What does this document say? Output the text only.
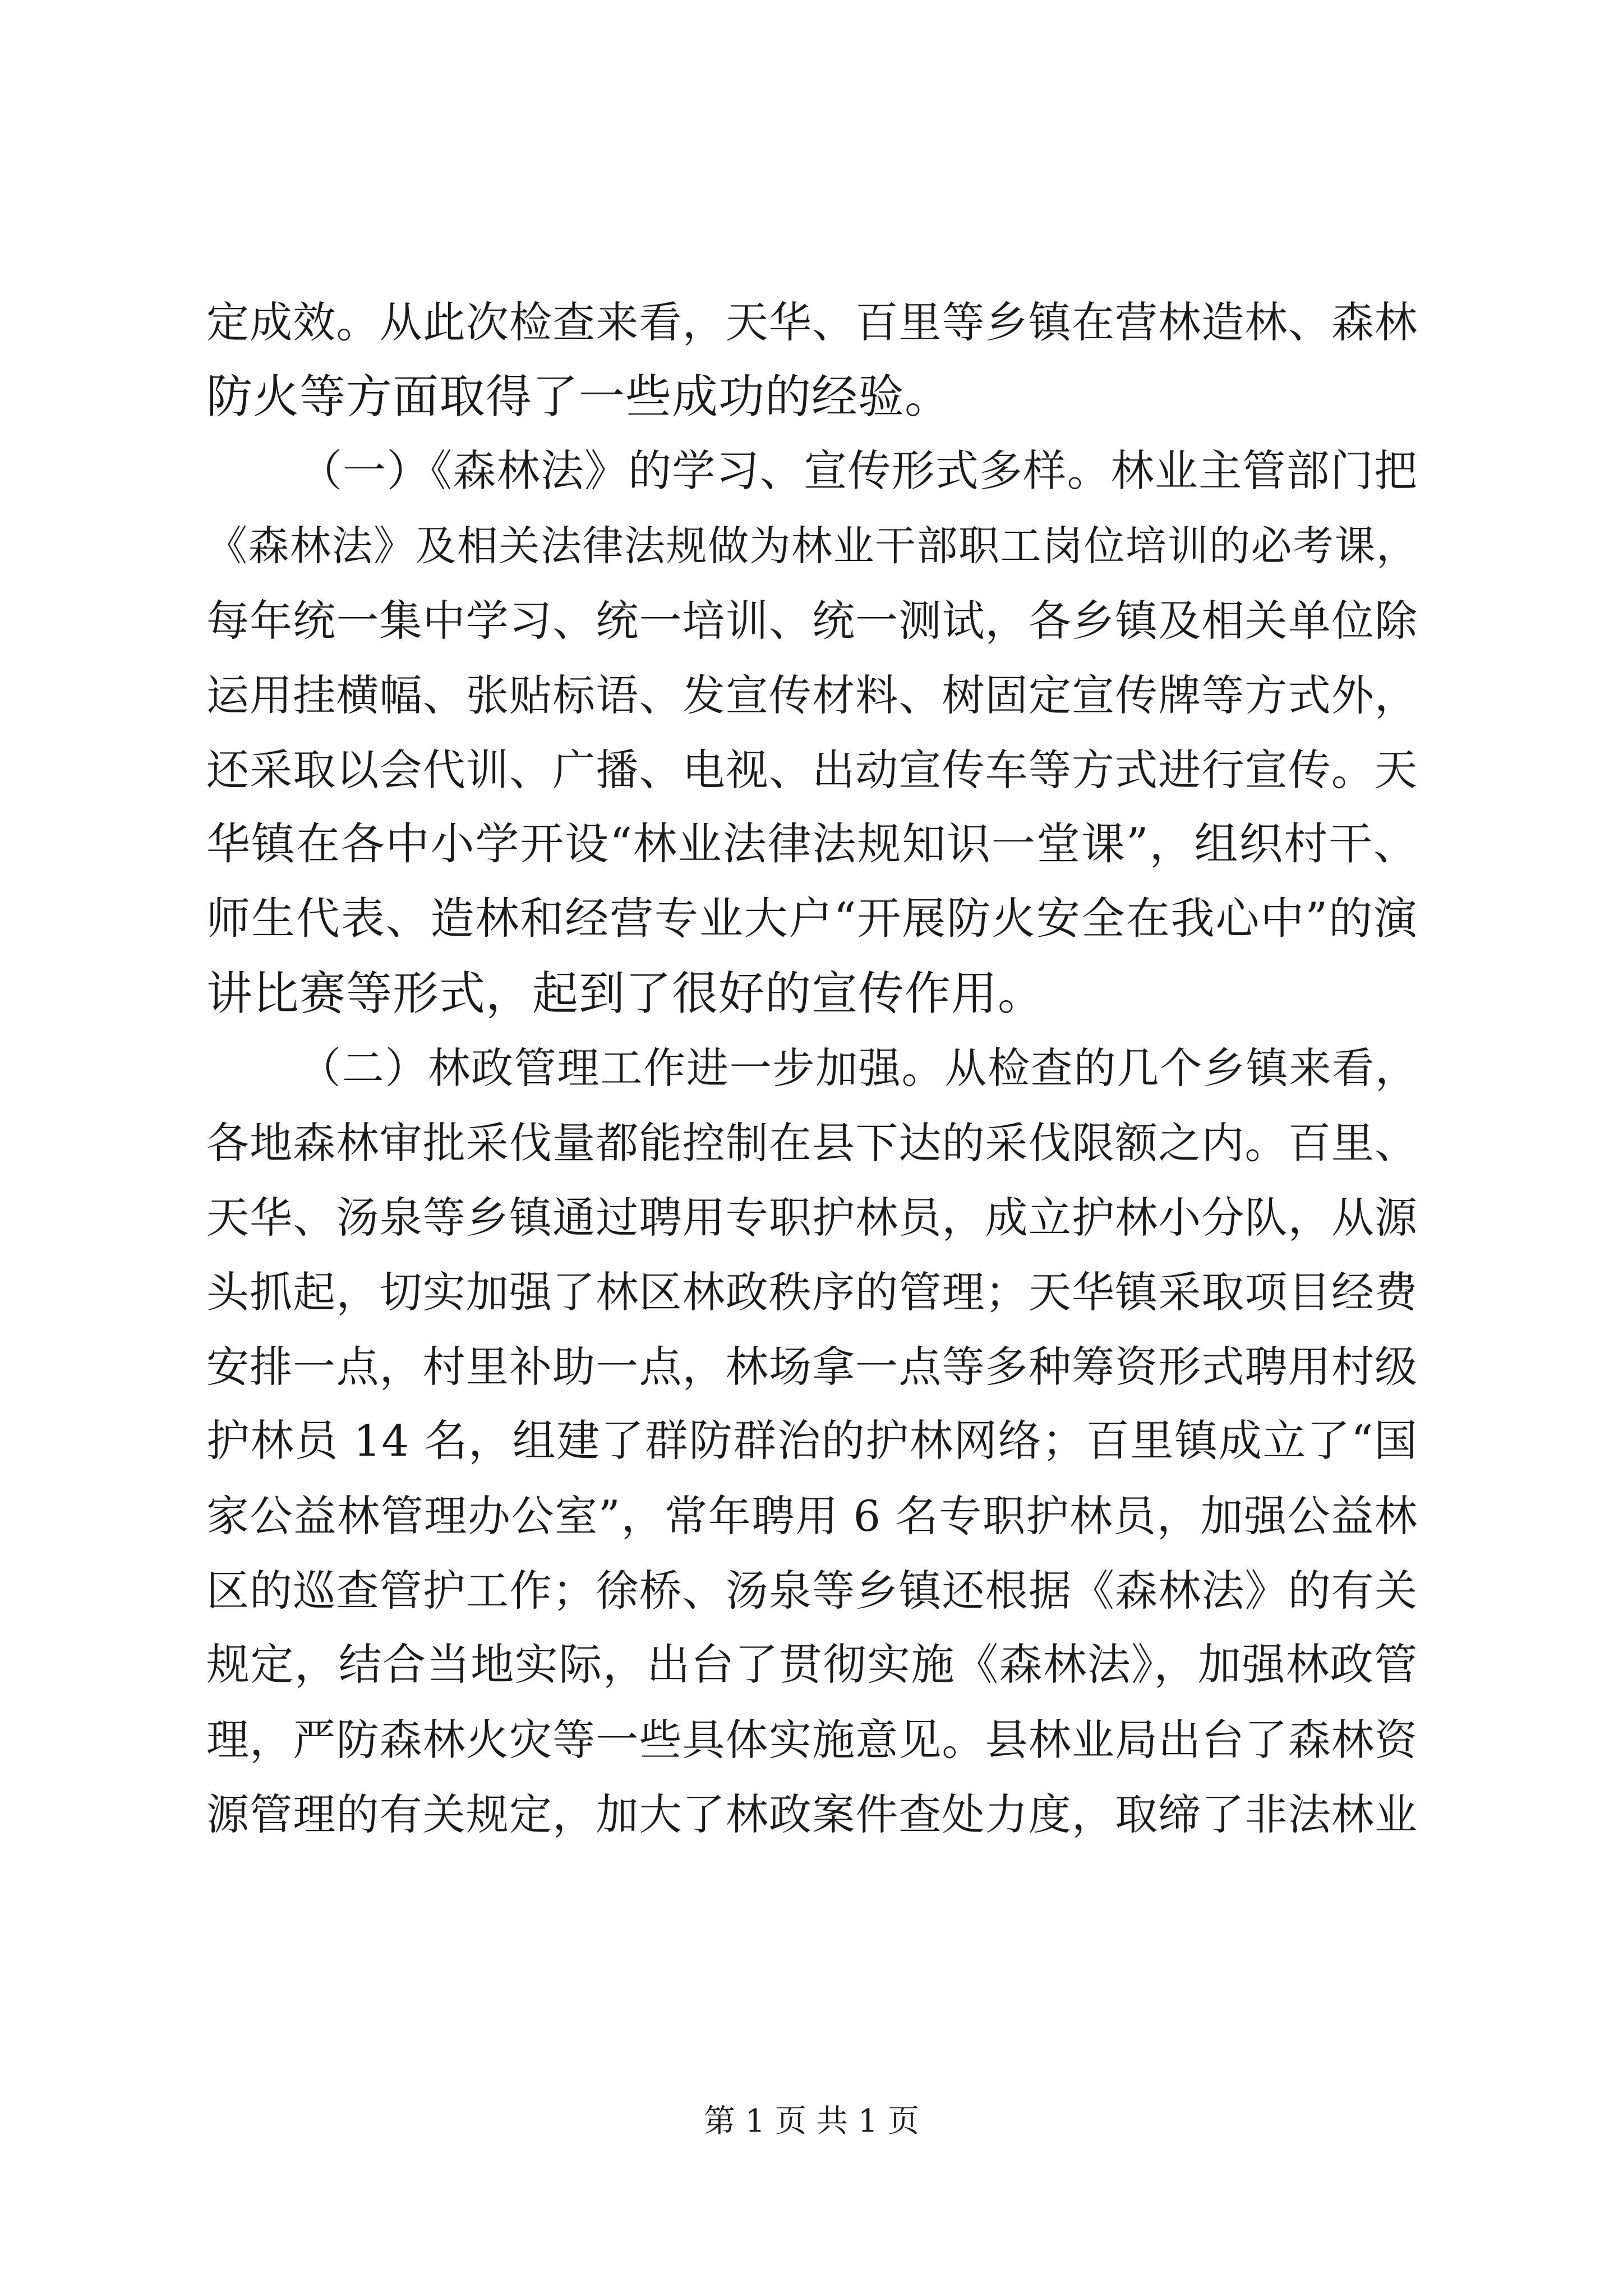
定成效。从此次检查来看，天华、百里等乡镇在营林造林、森林
防火等方面取得了一些成功的经验。
（一）《森林法》的学习、宣传形式多样。林业主管部门把
《森林法》及相关法律法规做为林业干部职工岗位培训的必考课，
每年统一集中学习、统一培训、统一测试，各乡镇及相关单位除
运用挂横幅、张贴标语、发宣传材料、树固定宣传牌等方式外，
还采取以会代训、广播、电视、出动宣传车等方式进行宣传。天
华镇在各中小学开设“林业法律法规知识一堂课”，组织村干、
师生代表、造林和经营专业大户“开展防火安全在我心中”的演
讲比赛等形式，起到了很好的宣传作用。
（二）林政管理工作进一步加强。从检查的几个乡镇来看，
各地森林审批采伐量都能控制在县下达的采伐限额之内。百里、
天华、汤泉等乡镇通过聘用专职护林员，成立护林小分队，从源
头抓起，切实加强了林区林政秩序的管理；天华镇采取项目经费
安排一点，村里补助一点，林场拿一点等多种筹资形式聘用村级
护林员 14 名，组建了群防群治的护林网络；百里镇成立了“国
家公益林管理办公室”，常年聘用 6 名专职护林员，加强公益林
区的巡查管护工作；徐桥、汤泉等乡镇还根据《森林法》的有关
规定，结合当地实际，出台了贯彻实施《森林法》，加强林政管
理，严防森林火灾等一些具体实施意见。县林业局出台了森林资
源管理的有关规定，加大了林政案件查处力度，取缔了非法林业
第 1 页 共 1 页
